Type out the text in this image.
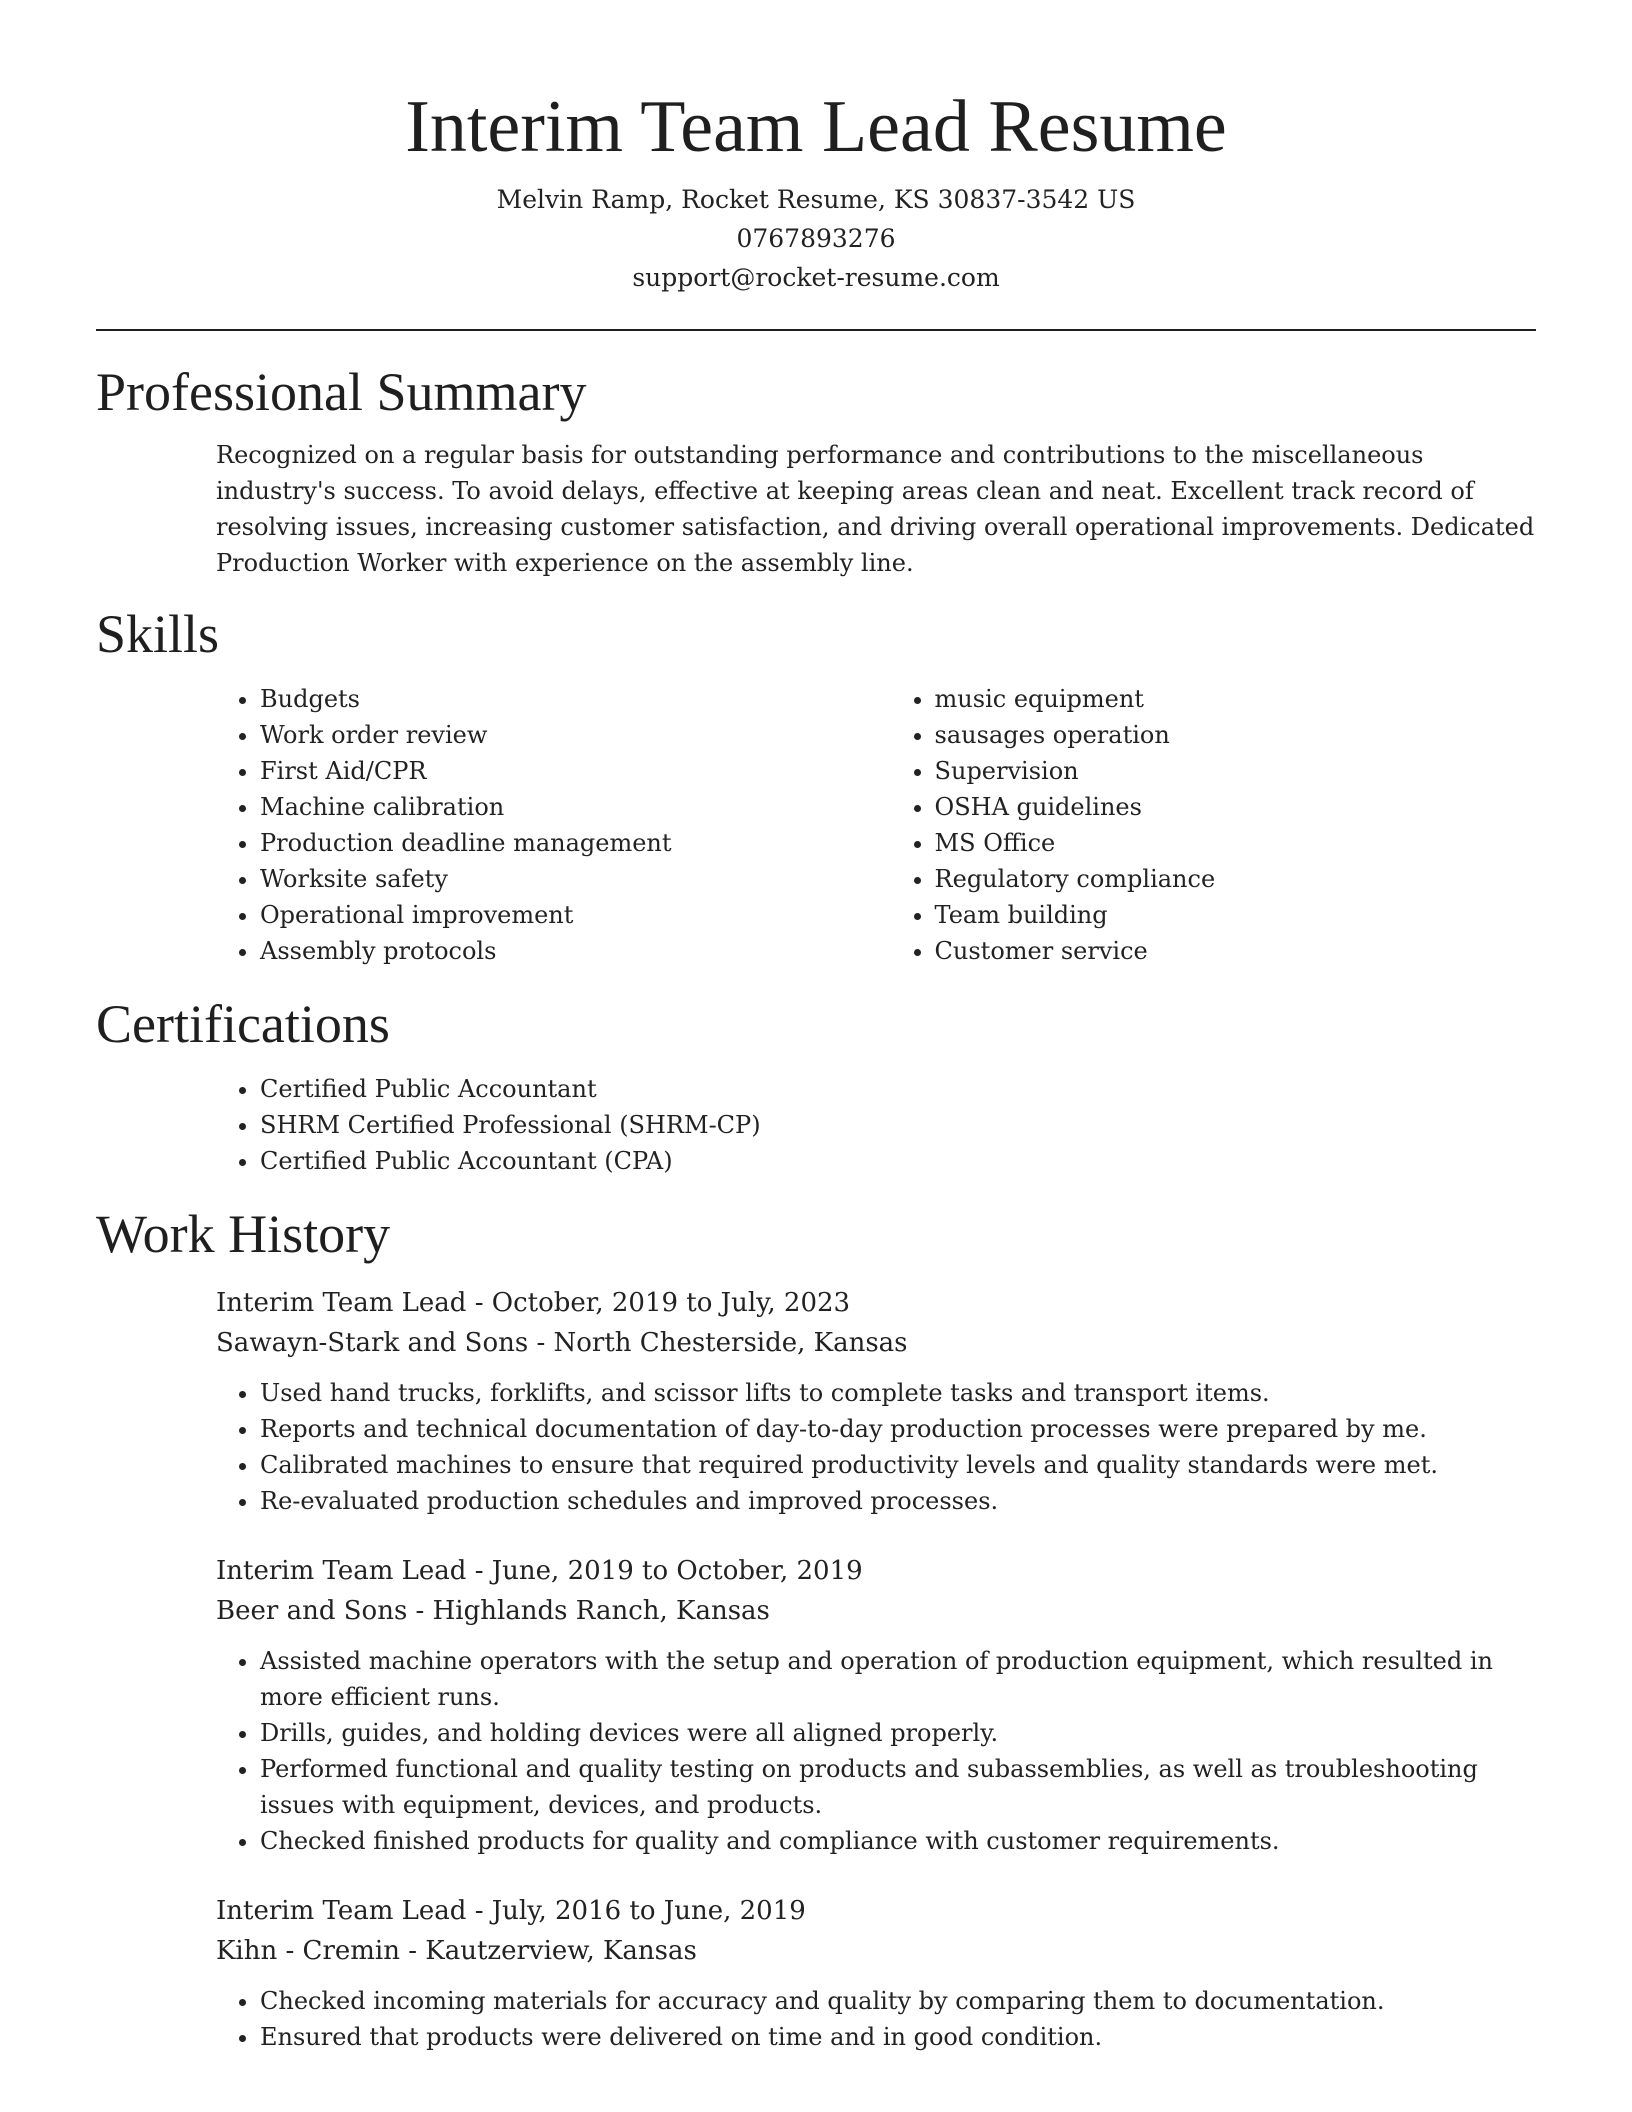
Interim Team Lead Resume
Melvin Ramp, Rocket Resume, KS 30837-3542 US
0767893276
support@rocket-resume.com
Professional Summary

Recognized on a regular basis for outstanding performance and contributions to the miscellaneous industry's success. To avoid delays, effective at keeping areas clean and neat. Excellent track record of resolving issues, increasing customer satisfaction, and driving overall operational improvements. Dedicated Production Worker with experience on the assembly line.

Skills
• Budgets
• Work order review
• First Aid/CPR
• Machine calibration
• Production deadline management
• Worksite safety
• Operational improvement
• Assembly protocols
• music equipment
• sausages operation
• Supervision
• OSHA guidelines
• MS Office
• Regulatory compliance
• Team building
• Customer service
Certifications
• Certified Public Accountant
• SHRM Certified Professional (SHRM-CP)
• Certified Public Accountant (CPA)
Work History
Interim Team Lead - October, 2019 to July, 2023
Sawayn-Stark and Sons - North Chesterside, Kansas
• Used hand trucks, forklifts, and scissor lifts to complete tasks and transport items.
• Reports and technical documentation of day-to-day production processes were prepared by me.
• Calibrated machines to ensure that required productivity levels and quality standards were met.
• Re-evaluated production schedules and improved processes.
Interim Team Lead - June, 2019 to October, 2019
Beer and Sons - Highlands Ranch, Kansas
• Assisted machine operators with the setup and operation of production equipment, which resulted in more efficient runs.
• Drills, guides, and holding devices were all aligned properly.
• Performed functional and quality testing on products and subassemblies, as well as troubleshooting issues with equipment, devices, and products.
• Checked finished products for quality and compliance with customer requirements.
Interim Team Lead - July, 2016 to June, 2019
Kihn - Cremin - Kautzerview, Kansas
• Checked incoming materials for accuracy and quality by comparing them to documentation.
• Ensured that products were delivered on time and in good condition.
